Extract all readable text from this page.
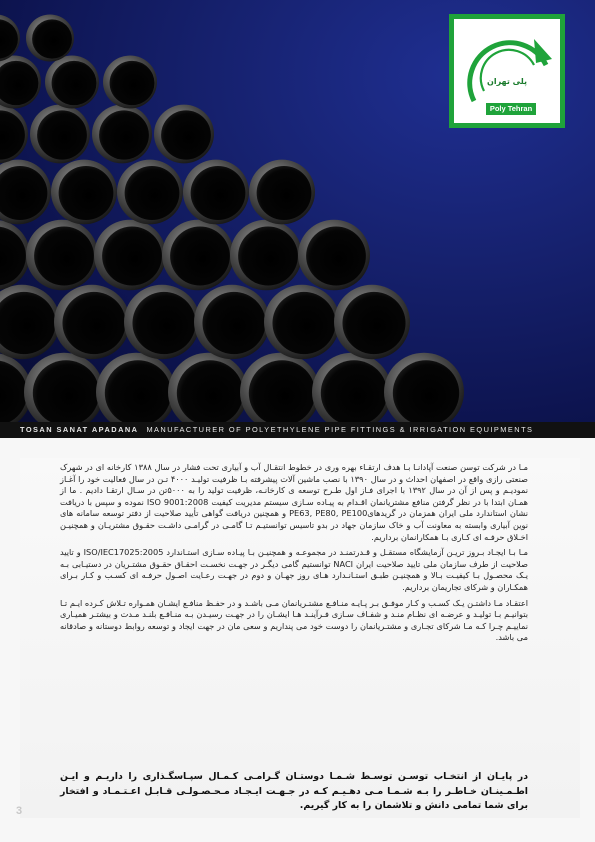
پلی تهران
Poly Tehran
TOSAN SANAT APADANA MANUFACTURER OF POLYETHYLENE PIPE FITTINGS & IRRIGATION EQUIPMENTS

مـا در شرکت توسن صنعت آپادانـا بـا هدف ارتقـاء بهره وری در خطوط انتقـال آب و آبیاری تحت فشار در سال ۱۳۸۸ کارخانه ای در شهرک صنعتی رازی واقع در اصفهان احداث و در سال ۱۳۹۰ با نصب ماشین آلات پیشرفته بـا ظرفیت تولیـد ۴۰۰۰ تـن در سال فعالیت خود را آغـاز نمودیـم و پس از آن در سال ۱۳۹۲ با اجرای فـاز اول طـرح توسعه ی کارخانـه، ظرفیت تولید را به ۵۰۰۰تن در سـال ارتقـا دادیم . ما از همـان ابتدا با در نظر گرفتن منافع مشتریانمان اقـدام به پیـاده سـازی سیستم مدیریت کیفیت ISO 9001:2008 نموده و سپس با دریافت نشان استاندارد ملی ایران همزمان در گریدهایPE63, PE80, PE100 و همچنین دریافت گواهی تأیید صلاحیت از دفتر توسعه سامانه های نوین آبیاری وابسته به معاونت آب و خاک سازمان جهاد در بدو تاسیس توانستیـم تـا گامـی در گرامـی داشـت حقـوق مشتریـان و همچنیـن اخـلاق حرفـه ای کـاری بـا همکارانمان برداریم.

مـا بـا ایجـاد بـروز تریـن آزمایشگاه مستقـل و قـدرتمنـد در مجموعـه و همچنیـن بـا پیـاده سـازی استـاندارد ISO/IEC17025:2005 و تایید صلاحیت از طرف سازمان ملی تایید صلاحیت ایران NACI توانستیم گامی دیگـر در جهـت نخسـت احقـاق حقـوق مشتـریان در دستیـابی بـه یـک محصـول بـا کیفیـت بـالا و همچنیـن طبـق استـانـدارد هـای روز جهـان و دوم در جهـت رعـایت اصـول حرفـه ای کسـب و کـار بـرای همکـاران و شرکای تجاریمان برداریم.

اعتقـاد مـا داشتـن یـک کسـب و کـار موفـق بـر پـایـه منـافـع مشتـریانمان مـی باشـد و در حفـظ منافـع ایشـان همـواره تـلاش کـرده ایـم تـا بتوانیـم بـا تولیـد و عرضـه ای نظـام منـد و شفـاف سـازی فـرآینـد هـا ایشـان را در جهـت رسیـدن بـه منـافـع بلنـد مـدت و بیشتـر همیـاری نماییـم چـرا کـه مـا شرکای تجـاری و مشتـریانمان را دوست خود می پنداریم و سعی مان در جهت ایجاد و توسعه روابط دوستانه و صادقانه می باشد.

در پایـان از انتخـاب توسـن توسـط شـمـا دوستـان گـرامـی کـمـال سپـاسگـذاری را داریـم و ایـن اطـمـینـان خـاطـر را بـه شـمـا مـی دهـیـم کـه در جـهـت ایـجـاد مـحـصـولـی قـابـل اعـتـمـاد و افتخار برای شما تمامی دانش و تلاشمان را به کار گیریم.
3
